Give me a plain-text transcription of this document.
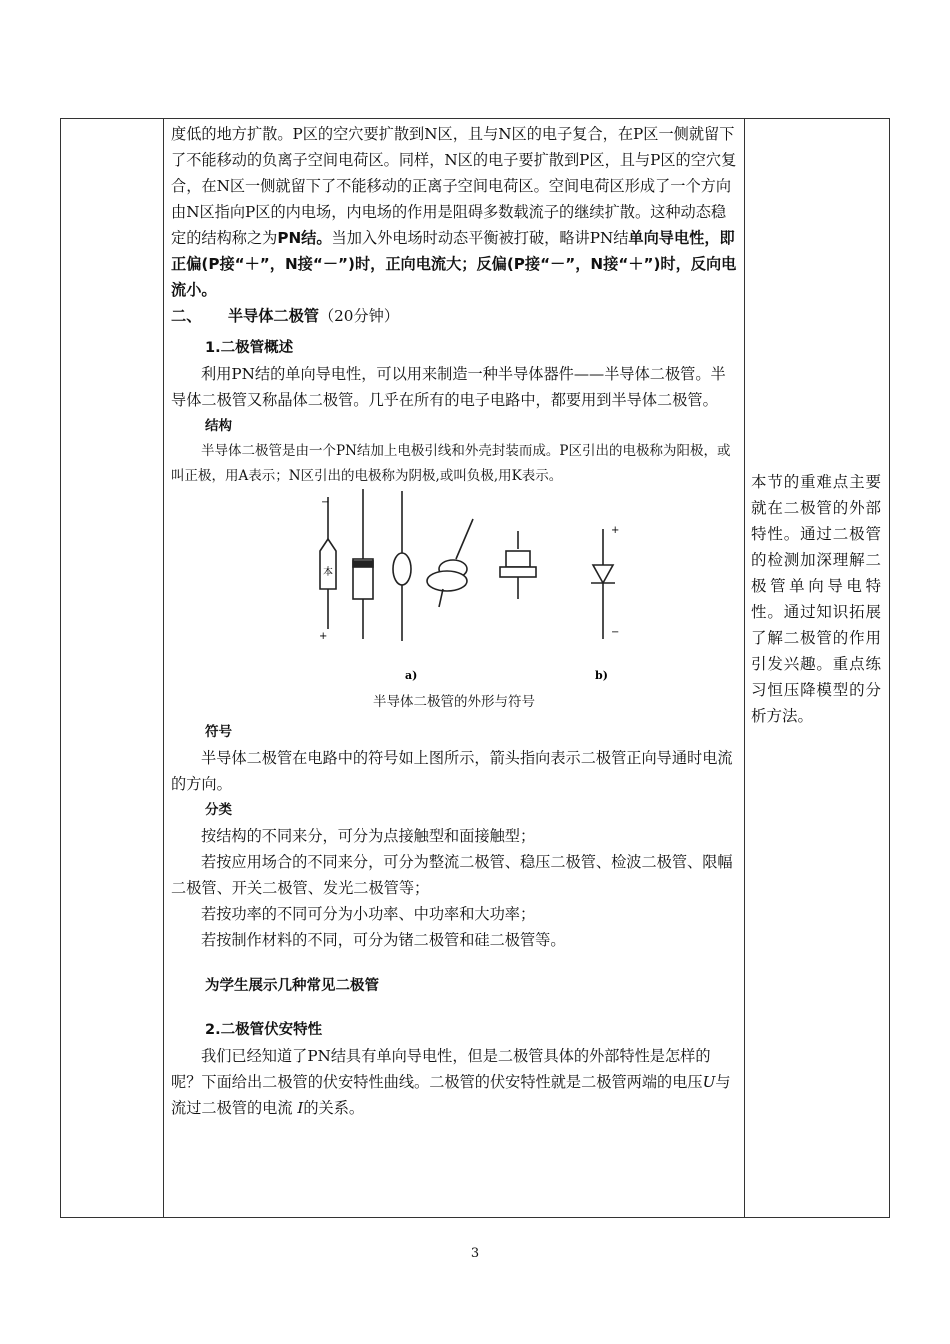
度低的地方扩散。P区的空穴要扩散到N区，且与N区的电子复合，在P区一侧就留下了不能移动的负离子空间电荷区。同样，N区的电子要扩散到P区，且与P区的空穴复合，在N区一侧就留下了不能移动的正离子空间电荷区。空间电荷区形成了一个方向由N区指向P区的内电场，内电场的作用是阻碍多数载流子的继续扩散。这种动态稳定的结构称之为PN结。当加入外电场时动态平衡被打破，略讲PN结单向导电性，即正偏(P接“＋”，N接“－”)时，正向电流大；反偏(P接“－”，N接“＋”)时，反向电流小。

二、 半导体二极管（20分钟）

1.二极管概述

利用PN结的单向导电性，可以用来制造一种半导体器件——半导体二极管。半导体二极管又称晶体二极管。几乎在所有的电子电路中，都要用到半导体二极管。

结构

半导体二极管是由一个PN结加上电极引线和外壳封装而成。P区引出的电极称为阳极，或叫正极，用A表示；N区引出的电极称为阴极,或叫负极,用K表示。

本
−
+
+
−
a)	b)

半导体二极管的外形与符号

符号

半导体二极管在电路中的符号如上图所示，箭头指向表示二极管正向导通时电流的方向。

分类

按结构的不同来分，可分为点接触型和面接触型；

若按应用场合的不同来分，可分为整流二极管、稳压二极管、检波二极管、限幅二极管、开关二极管、发光二极管等；

若按功率的不同可分为小功率、中功率和大功率；

若按制作材料的不同，可分为锗二极管和硅二极管等。

为学生展示几种常见二极管

2.二极管伏安特性

我们已经知道了PN结具有单向导电性，但是二极管具体的外部特性是怎样的呢？下面给出二极管的伏安特性曲线。二极管的伏安特性就是二极管两端的电压U与流过二极管的电流 I的关系。

本节的重难点主要就在二极管的外部特性。通过二极管的检测加深理解二极管单向导电特性。通过知识拓展了解二极管的作用引发兴趣。重点练习恒压降模型的分析方法。
3
